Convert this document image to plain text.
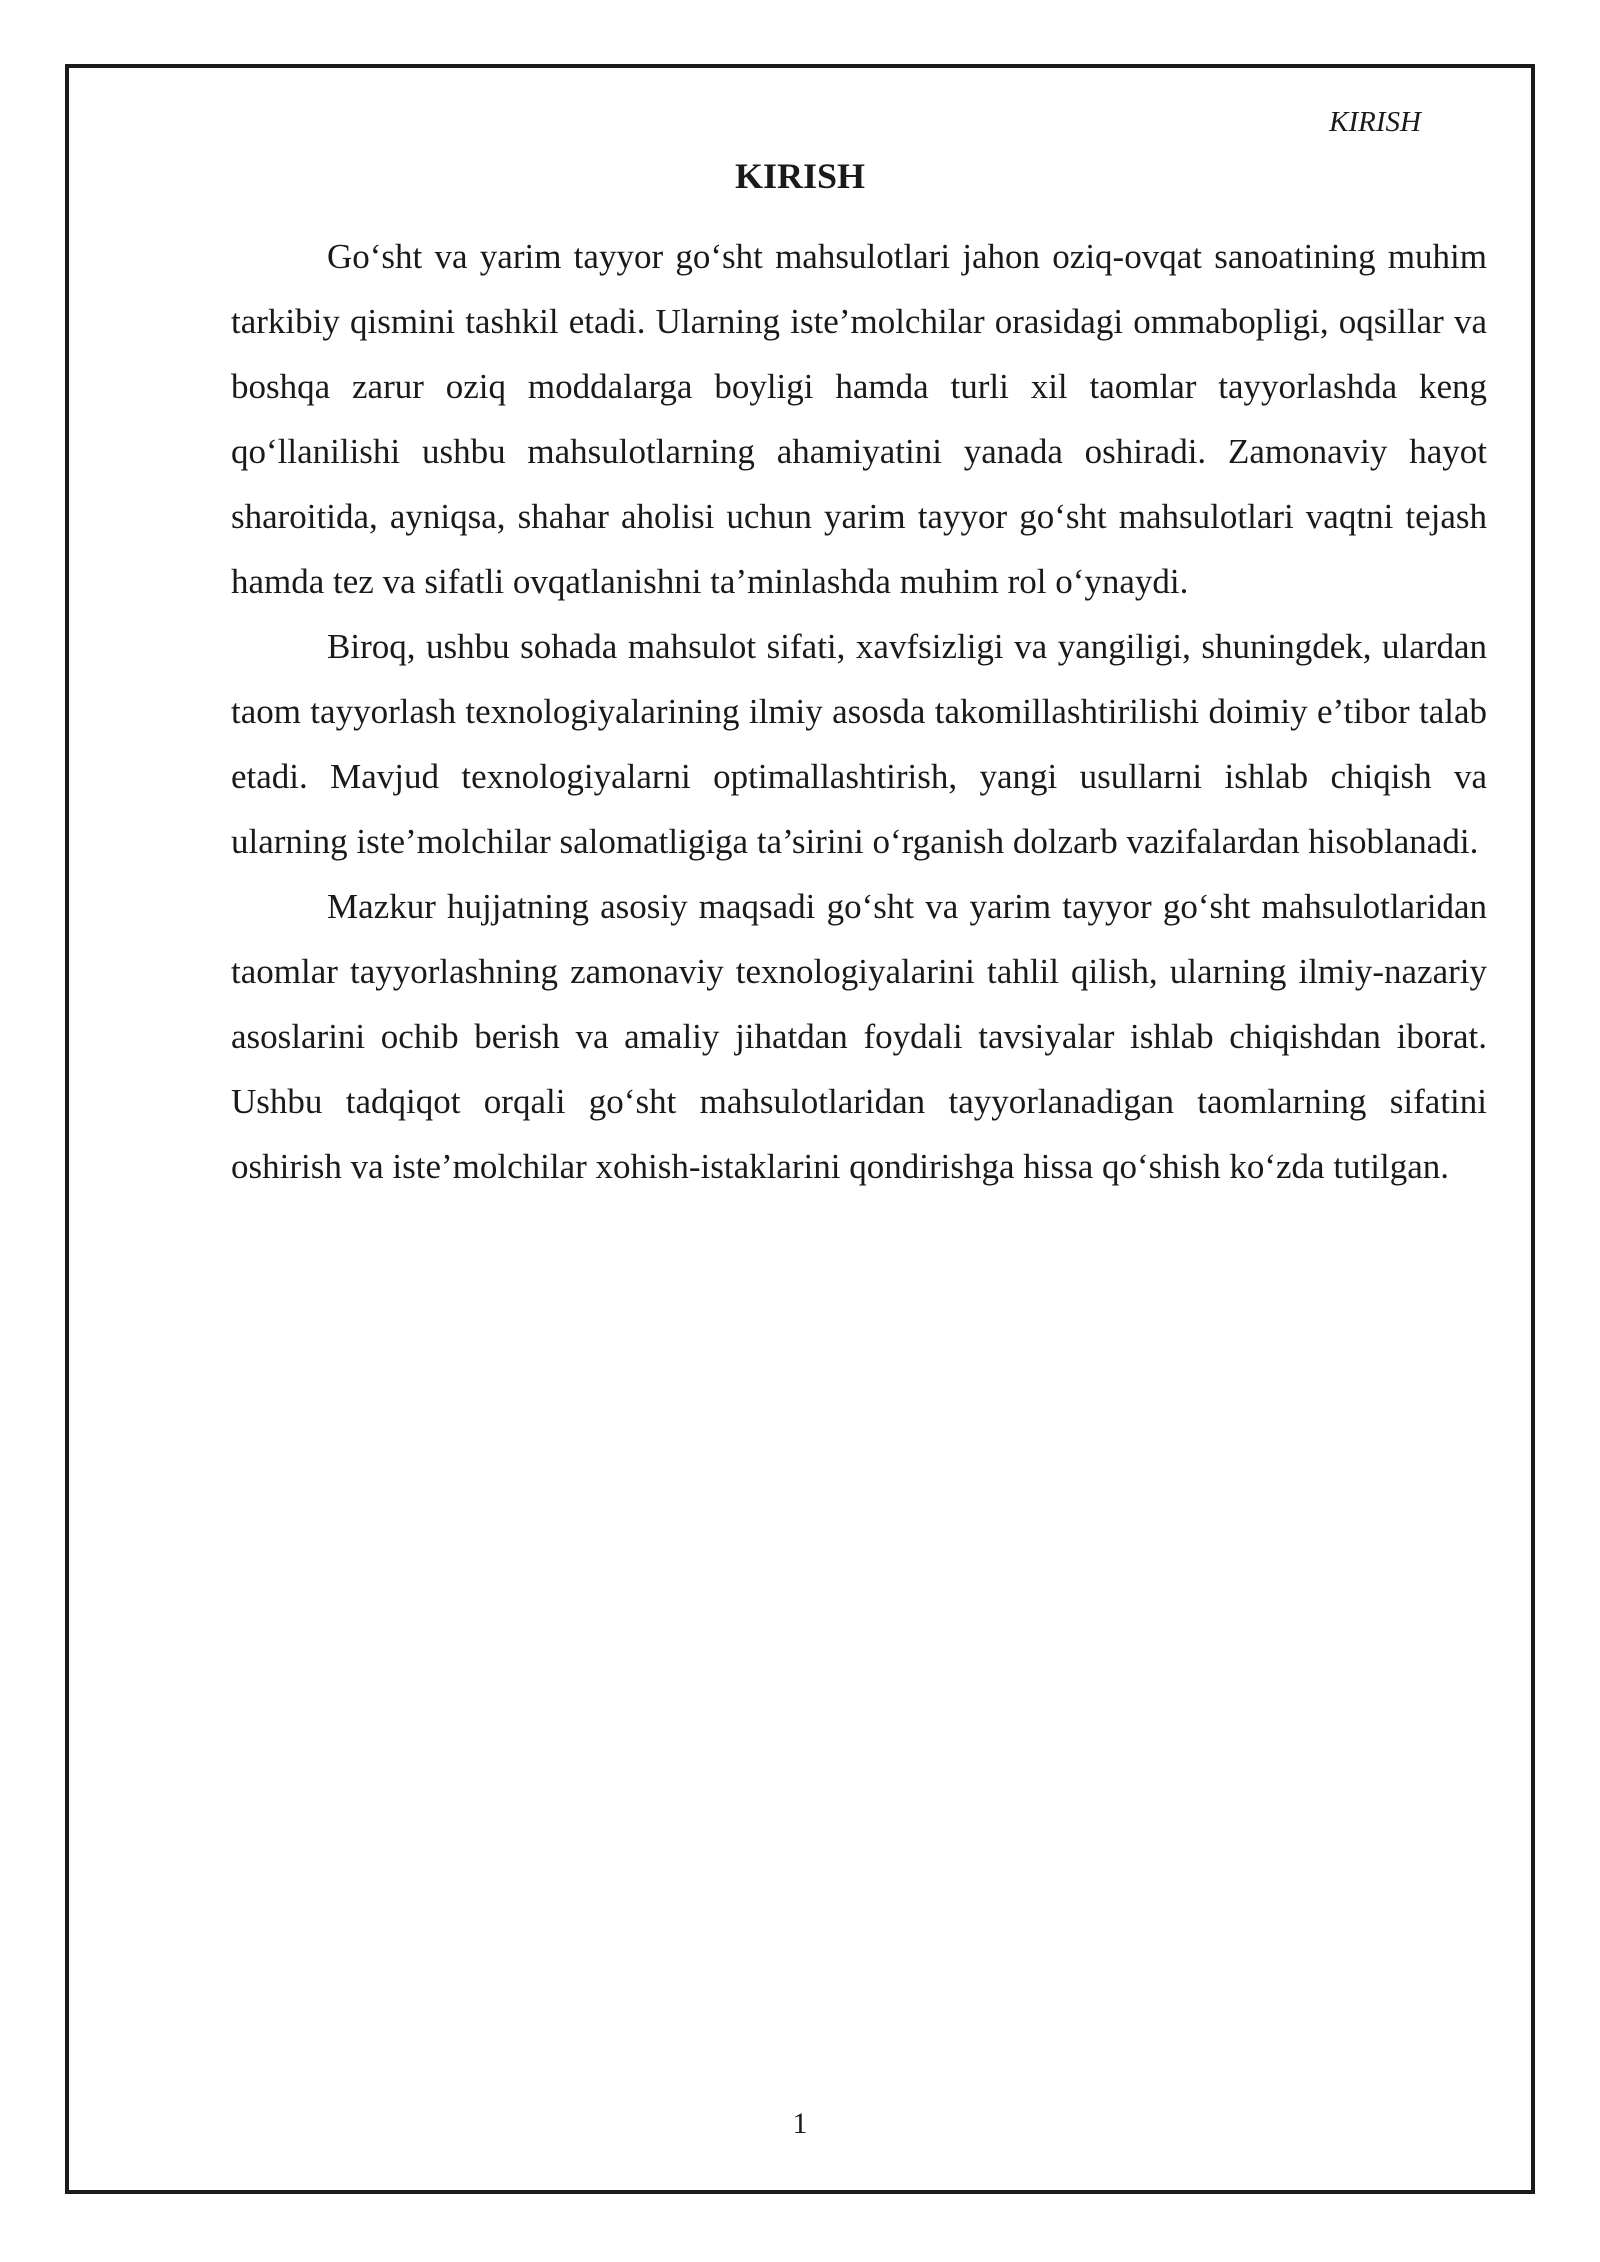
KIRISH
KIRISH

Go‘sht va yarim tayyor go‘sht mahsulotlari jahon oziq-ovqat sanoatining muhim tarkibiy qismini tashkil etadi. Ularning iste’molchilar orasidagi ommabopligi, oqsillar va boshqa zarur oziq moddalarga boyligi hamda turli xil taomlar tayyorlashda keng qo‘llanilishi ushbu mahsulotlarning ahamiyatini yanada oshiradi. Zamonaviy hayot sharoitida, ayniqsa, shahar aholisi uchun yarim tayyor go‘sht mahsulotlari vaqtni tejash hamda tez va sifatli ovqatlanishni ta’minlashda muhim rol o‘ynaydi.

Biroq, ushbu sohada mahsulot sifati, xavfsizligi va yangiligi, shuningdek, ulardan taom tayyorlash texnologiyalarining ilmiy asosda takomillashtirilishi doimiy e’tibor talab etadi. Mavjud texnologiyalarni optimallashtirish, yangi usullarni ishlab chiqish va ularning iste’molchilar salomatligiga ta’sirini o‘rganish dolzarb vazifalardan hisoblanadi.

Mazkur hujjatning asosiy maqsadi go‘sht va yarim tayyor go‘sht mahsulotlaridan taomlar tayyorlashning zamonaviy texnologiyalarini tahlil qilish, ularning ilmiy-nazariy asoslarini ochib berish va amaliy jihatdan foydali tavsiyalar ishlab chiqishdan iborat. Ushbu tadqiqot orqali go‘sht mahsulotlaridan tayyorlanadigan taomlarning sifatini oshirish va iste’molchilar xohish-istaklarini qondirishga hissa qo‘shish ko‘zda tutilgan.

1
